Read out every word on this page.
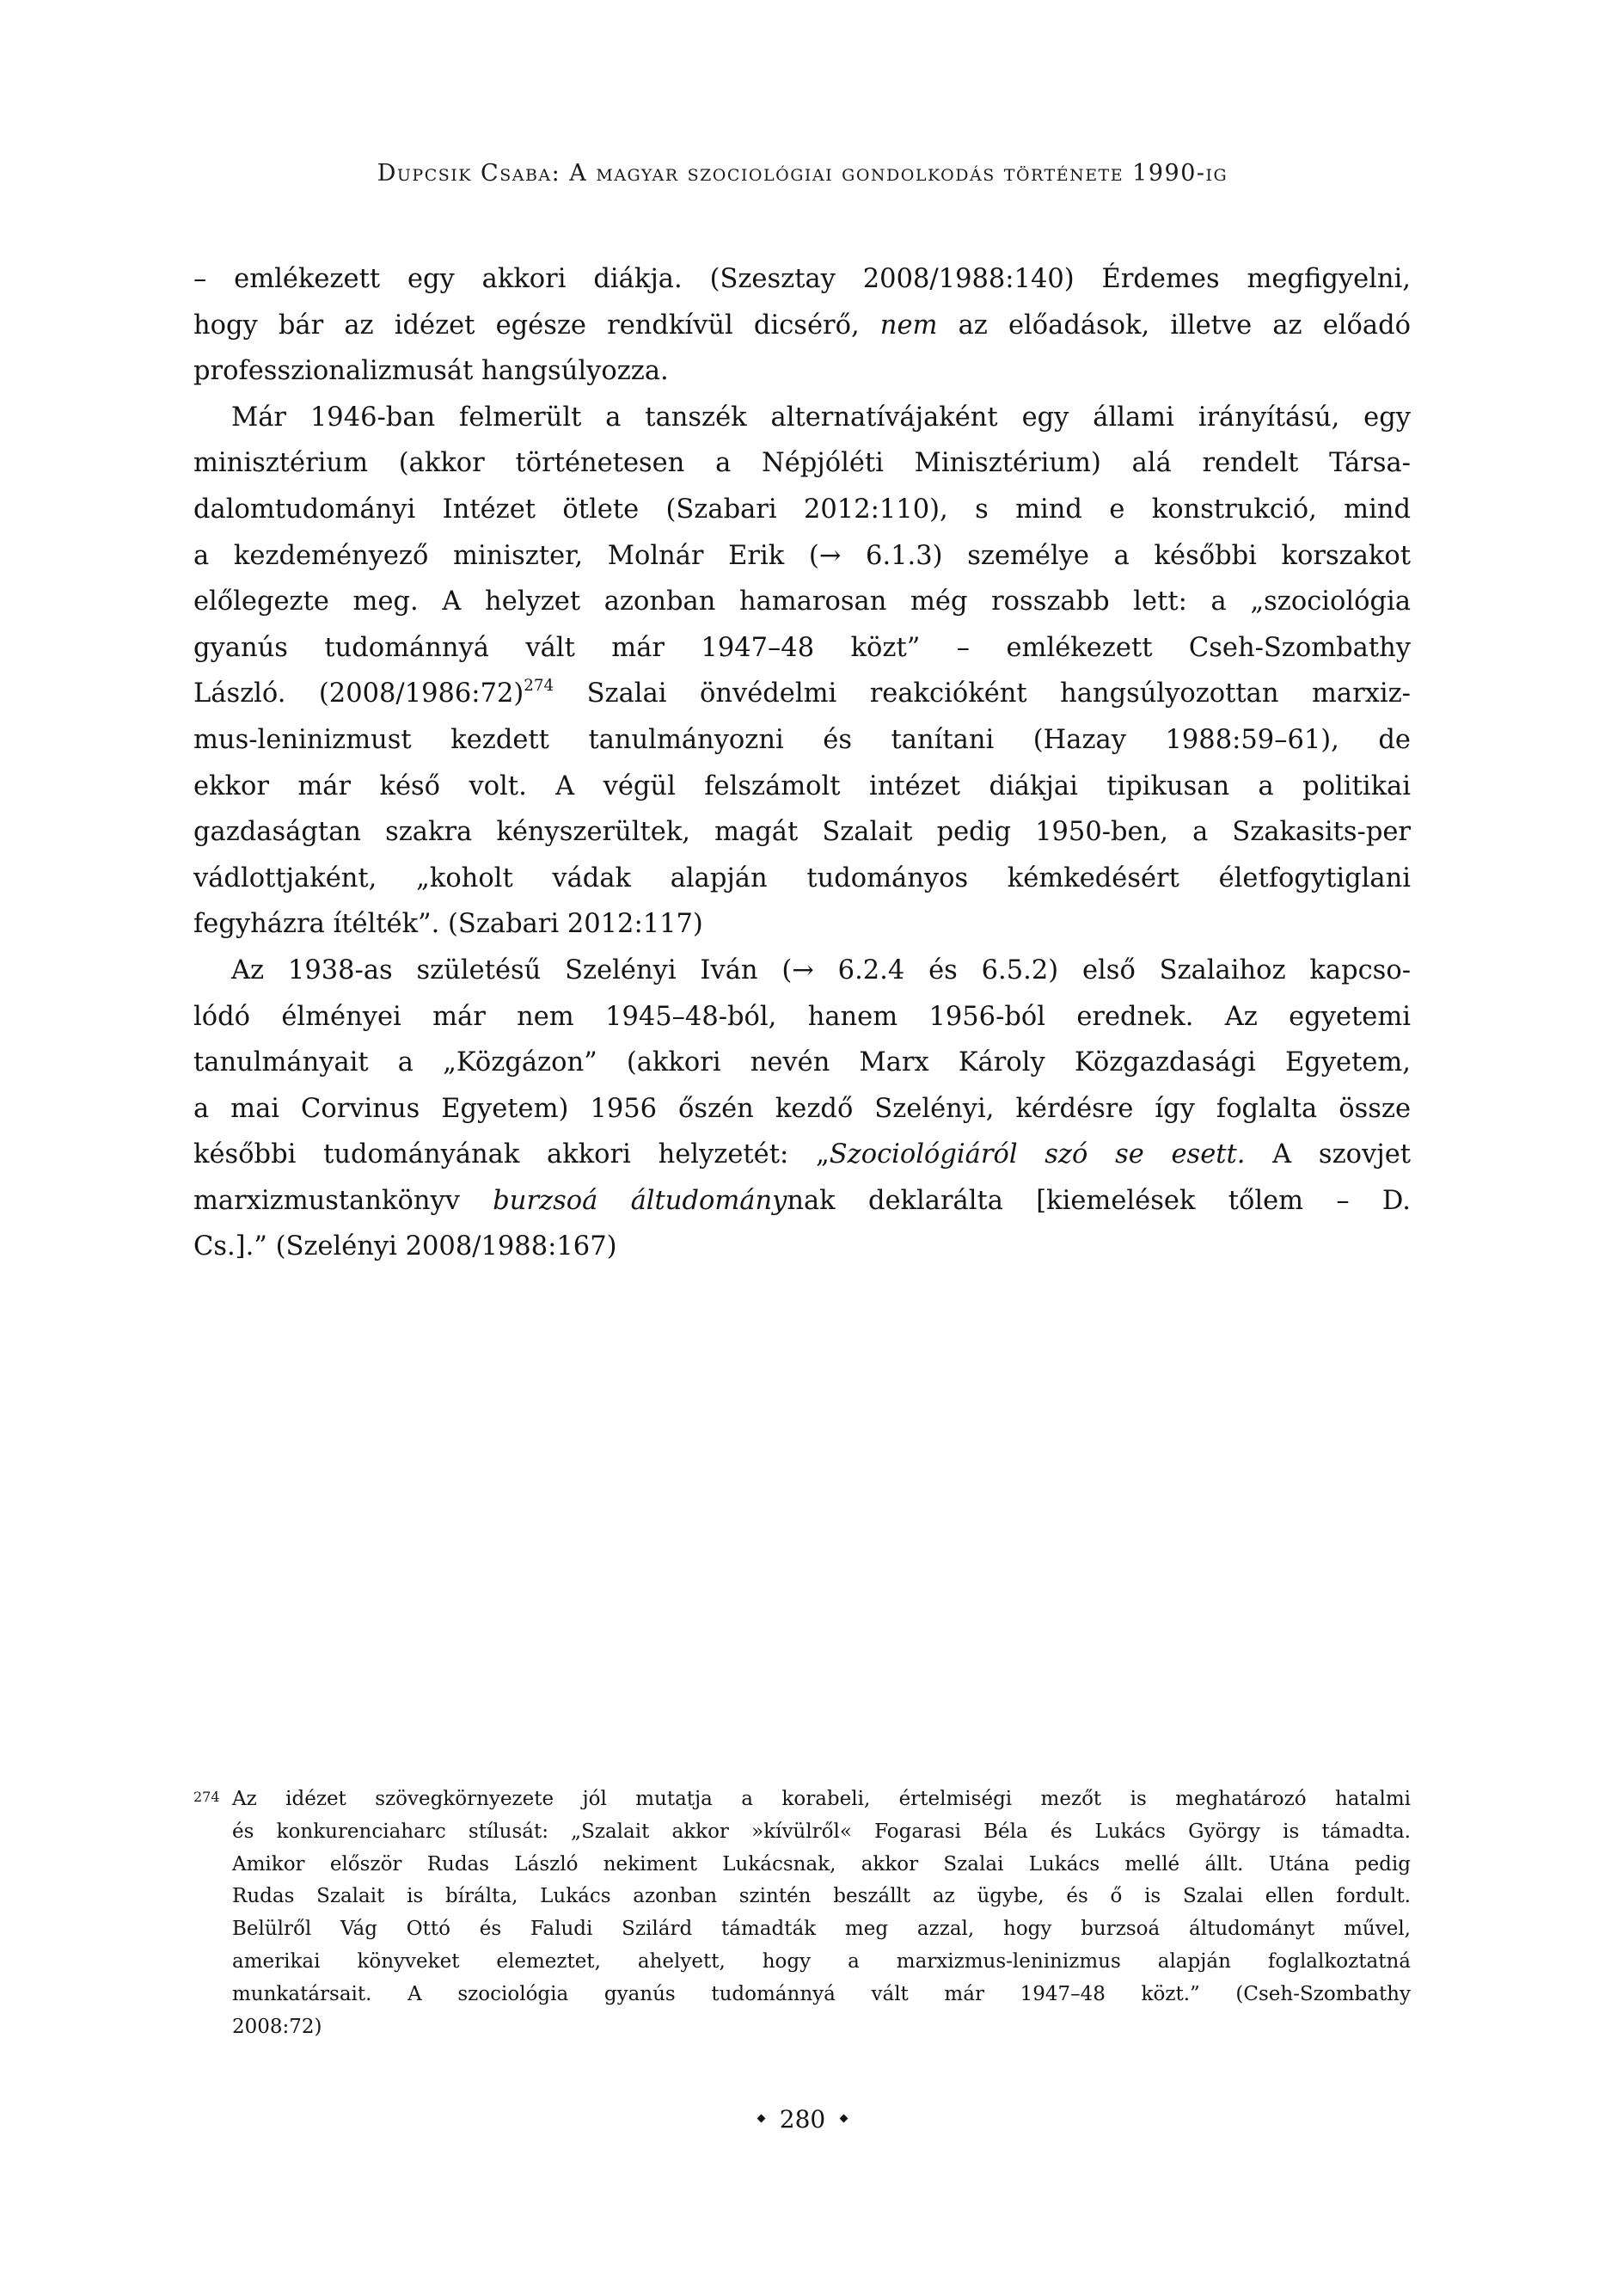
Dupcsik Csaba: A magyar szociológiai gondolkodás története 1990-ig
– emlékezett egy akkori diákja. (Szesztay 2008/1988:140) Érdemes megfigyelni,
hogy bár az idézet egésze rendkívül dicsérő, nem az előadások, illetve az előadó
professzionalizmusát hangsúlyozza.
Már 1946-ban felmerült a tanszék alternatívájaként egy állami irányítású, egy
minisztérium (akkor történetesen a Népjóléti Minisztérium) alá rendelt Társa-
dalomtudományi Intézet ötlete (Szabari 2012:110), s mind e konstrukció, mind
a kezdeményező miniszter, Molnár Erik (→ 6.1.3) személye a későbbi korszakot
előlegezte meg. A helyzet azonban hamarosan még rosszabb lett: a „szociológia
gyanús tudománnyá vált már 1947–48 közt” – emlékezett Cseh-Szombathy
László. (2008/1986:72)$^{274}$ Szalai önvédelmi reakcióként hangsúlyozottan marxiz-
mus-leninizmust kezdett tanulmányozni és tanítani (Hazay 1988:59–61), de
ekkor már késő volt. A végül felszámolt intézet diákjai tipikusan a politikai
gazdaságtan szakra kényszerültek, magát Szalait pedig 1950-ben, a Szakasits-per
vádlottjaként, „koholt vádak alapján tudományos kémkedésért életfogytiglani
fegyházra ítélték”. (Szabari 2012:117)
Az 1938-as születésű Szelényi Iván (→ 6.2.4 és 6.5.2) első Szalaihoz kapcso-
lódó élményei már nem 1945–48-ból, hanem 1956-ból erednek. Az egyetemi
tanulmányait a „Közgázon” (akkori nevén Marx Károly Közgazdasági Egyetem,
a mai Corvinus Egyetem) 1956 őszén kezdő Szelényi, kérdésre így foglalta össze
későbbi tudományának akkori helyzetét: „Szociológiáról szó se esett. A szovjet
marxizmustankönyv burzsoá áltudománynak deklarálta [kiemelések tőlem – D.
Cs.].” (Szelényi 2008/1988:167)
274 Az idézet szövegkörnyezete jól mutatja a korabeli, értelmiségi mezőt is meghatározó hatalmi
és konkurenciaharc stílusát: „Szalait akkor »kívülről« Fogarasi Béla és Lukács György is támadta.
Amikor először Rudas László nekiment Lukácsnak, akkor Szalai Lukács mellé állt. Utána pedig
Rudas Szalait is bírálta, Lukács azonban szintén beszállt az ügybe, és ő is Szalai ellen fordult.
Belülről Vág Ottó és Faludi Szilárd támadták meg azzal, hogy burzsoá áltudományt művel,
amerikai könyveket elemeztet, ahelyett, hogy a marxizmus-leninizmus alapján foglalkoztatná
munkatársait. A szociológia gyanús tudománnyá vált már 1947–48 közt.” (Cseh-Szombathy
2008:72)
280
